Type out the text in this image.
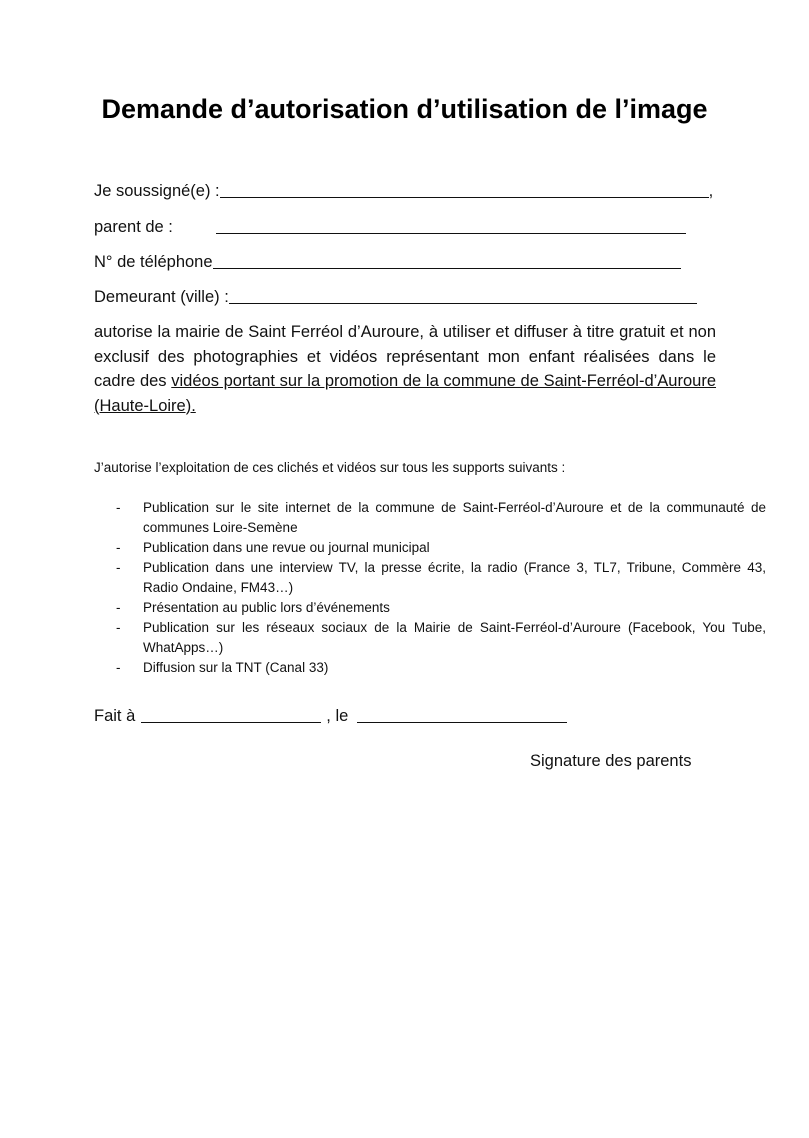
Demande d’autorisation d’utilisation de l’image
Je soussigné(e) :	,
parent de :
N° de téléphone
Demeurant (ville) :
autorise la mairie de Saint Ferréol d’Auroure, à utiliser et diffuser à titre gratuit et non exclusif des photographies et vidéos représentant mon enfant réalisées dans le cadre des vidéos portant sur la promotion de la commune de Saint-Ferréol-d’Auroure (Haute-Loire).
J’autorise l’exploitation de ces clichés et vidéos sur tous les supports suivants :
- Publication sur le site internet de la commune de Saint-Ferréol-d’Auroure et de la communauté de communes Loire-Semène
- Publication dans une revue ou journal municipal
- Publication dans une interview TV, la presse écrite, la radio (France 3, TL7, Tribune, Commère 43, Radio Ondaine, FM43…)
- Présentation au public lors d’événements
- Publication sur les réseaux sociaux de la Mairie de Saint-Ferréol-d’Auroure (Facebook, You Tube, WhatApps…)
- Diffusion sur la TNT (Canal 33)
Fait à	, le
Signature des parents
